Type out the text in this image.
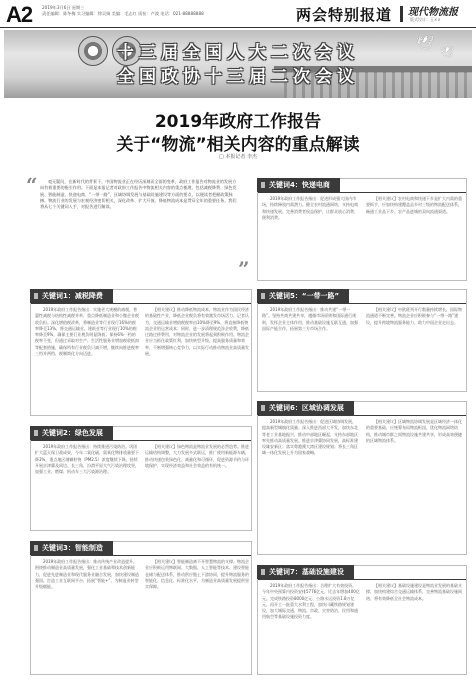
A2 2019年3月6日 星期三
责任编辑：陈冬梅 实习编辑：徐吴娟 美编：毛志红 质检：卢波 电话：021-88888888	两会特别报道 现代物流报
版式设计：王××
🕊
🕊
十三届全国人大二次会议
全国政协十三届二次会议
2019年政府工作报告
关于“物流”相关内容的重点解读
□ 本报记者 李杰
“	毫无疑问，在新时代的背景下，中国物流业正在经历深刻而全面的变革，政府工作报告对物流业的发展方向有着重要的指引作用。下面是本报记者对政府工作报告中物流相关内容的重点梳理，包括减税降费、绿色发展、智能制造、快递电商、“一带一路”、区域协调发展与基础设施建设等方面的要点，以便读者把握政策脉搏。物流行业的发展与宏观经济密切相关，深化改革、扩大开放、降低物流成本是贯穿全年的重要任务。我们将从七个关键词入手，对报告进行解读。
”
关键词1：减税降费

2019年政府工作报告指出：实施更大规模的减税。普惠性减税与结构性减税并举，重点降低制造业和小微企业税收负担。深化增值税改革，将制造业等行业现行16%的税率降至13%，将交通运输业、建筑业等行业现行10%的税率降至9%，确保主要行业税负明显降低；保持6%一档的税率不变，但通过采取对生产、生活性服务业增加税收抵扣等配套措施，确保所有行业税负只减不增，继续向推进税率三档并两档、税制简化方向迈进。

【相关建议】推动降低物流成本，物流业作为国民经济的基础性产业，降低企业税负将有效激发市场活力。记者认为，交通运输业增值税税率由10%降至9%，将直接降低物流企业的运营成本；同时，进一步清理规范涉企收费，降低过路过桥费用，对物流企业的发展将起到积极作用。物流企业应当抓住政策红利，加快转型升级，提高服务质量和效率，不断增强核心竞争力，以实际行动推动物流业高质量发展。

关键词2：绿色发展

2019年政府工作报告指出：持续推进污染防治。巩固扩大蓝天保卫战成果，今年二氧化硫、氮氧化物排放量要下降3%，重点地区细颗粒物（PM2.5）浓度继续下降。持续开展京津冀及周边、长三角、汾渭平原大气污染治理攻坚，加强工业、燃煤、机动车三大污染源治理。

【相关建议】绿色物流是物流业发展的必然趋势。推进运输结构调整，大力发展多式联运，推广使用新能源车辆，推动快递包装绿色化、减量化和可循环，促进资源节约与环境保护，实现经济效益和社会效益的有机统一。

关键词3：智能制造

2019年政府工作报告指出：推动传统产业改造提升。围绕推动制造业高质量发展，强化工业基础和技术创新能力，促进先进制造业和现代服务业融合发展，加快建设制造强国。打造工业互联网平台，拓展“智能+”，为制造业转型升级赋能。

【相关建议】智能制造离不开智慧物流的支撑。物流企业应积极运用物联网、大数据、人工智能等技术，建设智能仓储与配送体系，推动供应链上下游协同，提升物流服务的智能化、信息化、标准化水平，为制造业高质量发展提供坚实保障。

关键词4：快递电商

2019年政府工作报告指出：促进形成强大国内市场，持续释放内需潜力。健全农村流通网络，支持电商和快递发展。完善消费者权益保护，让群众放心消费、便利消费。

【相关建议】农村电商和快递下乡是扩大内需的重要抓手，应加快构建覆盖县乡村三级的物流配送体系，畅通工业品下乡、农产品进城的双向流通渠道。

关键词5：“一带一路”

2019年政府工作报告指出：推动共建“一带一路”。坚持共商共建共享，遵循市场原则和国际通行规则，发挥企业主体作用，推动基础设施互联互通，加强国际产能合作，拓展第三方市场合作。

【相关建议】中欧班列开行数量持续增长，国际物流通道不断完善。物流企业应积极参与“一带一路”建设，提升跨境物流服务能力，助力中国企业走出去。

关键词6：区域协调发展

2019年政府工作报告指出：促进区域协调发展，提高新型城镇化质量。深入推进西部大开发，加快东北等老工业基地振兴，推动中部地区崛起，支持东部地区率先推动高质量发展。推进京津冀协同发展，高标准建设雄安新区；落实粤港澳大湾区建设规划；将长三角区域一体化发展上升为国家战略。

【相关建议】区域物流协调发展是区域经济一体化的重要基础，应统筹布局物流枢纽，优化物流网络结构，推动城市群之间物流设施共建共享，形成高效便捷的区域物流体系。

关键词7：基础设施建设

2019年政府工作报告指出：合理扩大有效投资。今年中央预算内投资安排5776亿元，比去年增加400亿元。完成铁路投资8000亿元、公路水运投资1.8万亿元，再开工一批重大水利工程，加快川藏铁路规划建设，加大城际交通、物流、市政、灾害防治、民用和通用航空等基础设施投资力度。

【相关建议】基础设施建设是物流业发展的基础支撑，加快构建综合交通运输体系，完善物流基础设施网络，将有效降低全社会物流成本。
